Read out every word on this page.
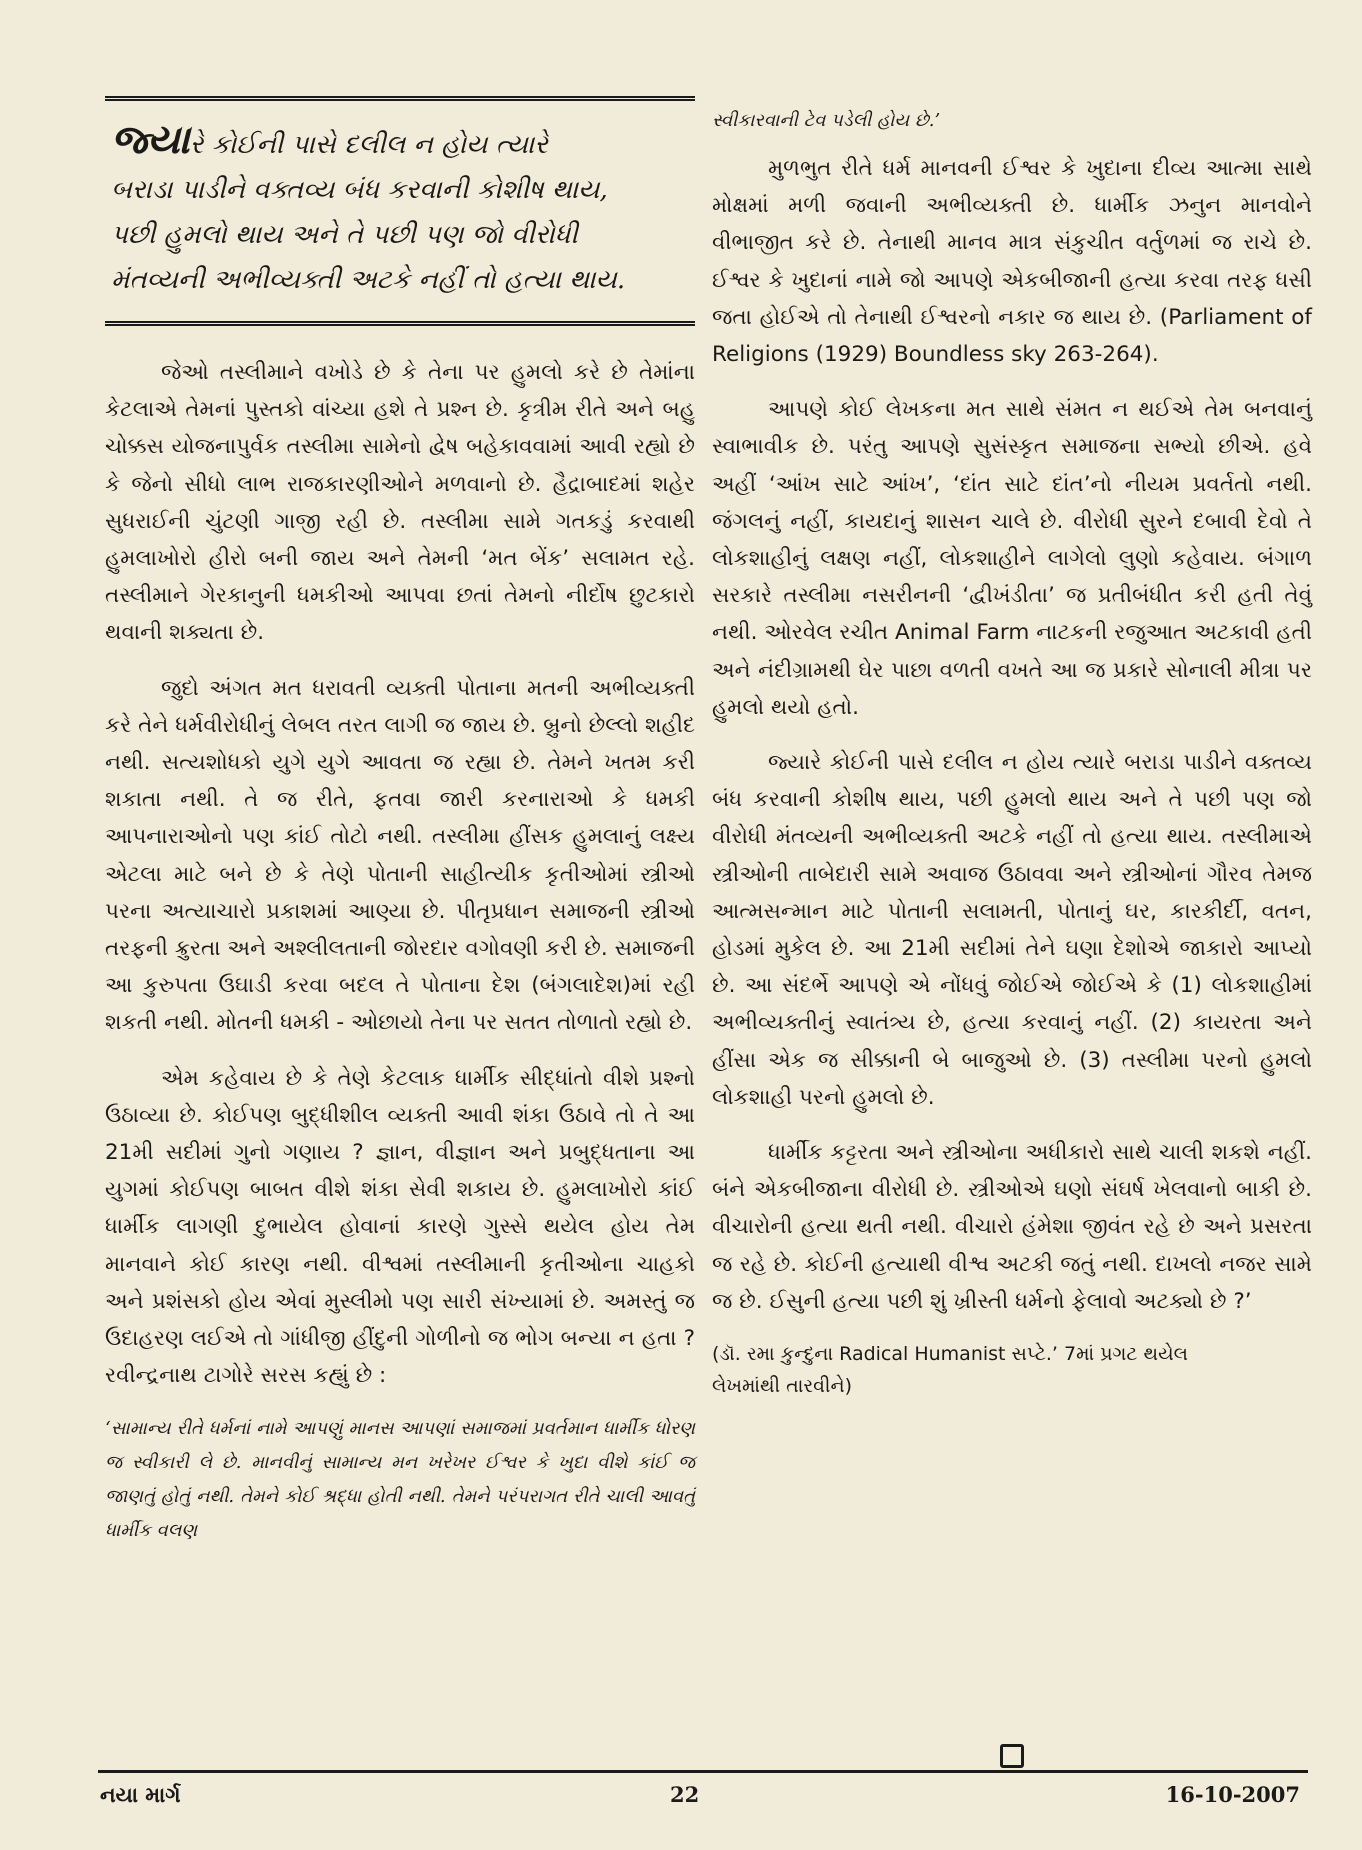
જ્યારે કોઈની પાસે દલીલ ન હોય ત્યારે
બરાડા પાડીને વક્તવ્ય બંધ કરવાની કોશીષ થાય,
પછી હુમલો થાય અને તે પછી પણ જો વીરોધી
મંતવ્યની અભીવ્યક્તી અટકે નહીં તો હત્યા થાય.

જેઓ તસ્લીમાને વખોડે છે કે તેના પર હુમલો કરે છે તેમાંના કેટલાએ તેમનાં પુસ્તકો વાંચ્યા હશે તે પ્રશ્ન છે. કૃત્રીમ રીતે અને બહુ ચોક્કસ યોજનાપુર્વક તસ્લીમા સામેનો દ્વેષ બહેકાવવામાં આવી રહ્યો છે કે જેનો સીધો લાભ રાજકારણીઓને મળવાનો છે. હૈદ્રાબાદમાં શહેર સુધરાઈની ચુંટણી ગાજી રહી છે. તસ્લીમા સામે ગતકડું કરવાથી હુમલાખોરો હીરો બની જાય અને તેમની ‘મત બેંક’ સલામત રહે. તસ્લીમાને ગેરકાનુની ધમકીઓ આપવા છતાં તેમનો નીર્દોષ છુટકારો થવાની શક્યતા છે.

જુદો અંગત મત ધરાવતી વ્યક્તી પોતાના મતની અભીવ્યક્તી કરે તેને ધર્મવીરોધીનું લેબલ તરત લાગી જ જાય છે. બ્રુનો છેલ્લો શહીદ નથી. સત્યશોધકો યુગે યુગે આવતા જ રહ્યા છે. તેમને ખતમ કરી શકાતા નથી. તે જ રીતે, ફતવા જારી કરનારાઓ કે ધમકી આપનારાઓનો પણ કાંઈ તોટો નથી. તસ્લીમા હીંસક હુમલાનું લક્ષ્ય એટલા માટે બને છે કે તેણે પોતાની સાહીત્યીક કૃતીઓમાં સ્ત્રીઓ પરના અત્યાચારો પ્રકાશમાં આણ્યા છે. પીતૃપ્રધાન સમાજની સ્ત્રીઓ તરફની ક્રુરતા અને અશ્લીલતાની જોરદાર વગોવણી કરી છે. સમાજની આ કુરુપતા ઉઘાડી કરવા બદલ તે પોતાના દેશ (બંગલાદેશ)માં રહી શકતી નથી. મોતની ધમકી - ઓછાયો તેના પર સતત તોળાતો રહ્યો છે.

એમ કહેવાય છે કે તેણે કેટલાક ધાર્મીક સીદ્ધાંતો વીશે પ્રશ્નો ઉઠાવ્યા છે. કોઈપણ બુદ્ધીશીલ વ્યક્તી આવી શંકા ઉઠાવે તો તે આ 21મી સદીમાં ગુનો ગણાય ? જ્ઞાન, વીજ્ઞાન અને પ્રબુદ્ધતાના આ યુગમાં કોઈપણ બાબત વીશે શંકા સેવી શકાય છે. હુમલાખોરો કાંઈ ધાર્મીક લાગણી દુભાયેલ હોવાનાં કારણે ગુસ્સે થયેલ હોય તેમ માનવાને કોઈ કારણ નથી. વીશ્વમાં તસ્લીમાની કૃતીઓના ચાહકો અને પ્રશંસકો હોય એવાં મુસ્લીમો પણ સારી સંખ્યામાં છે. અમસ્તું જ ઉદાહરણ લઈએ તો ગાંધીજી હીંદુની ગોળીનો જ ભોગ બન્યા ન હતા ? રવીન્દ્રનાથ ટાગોરે સરસ કહ્યું છે :

‘સામાન્ય રીતે ધર્મનાં નામે આપણું માનસ આપણાં સમાજમાં પ્રવર્તમાન ધાર્મીક ધોરણ જ સ્વીકારી લે છે. માનવીનું સામાન્ય મન ખરેખર ઈશ્વર કે ખુદા વીશે કાંઈ જ જાણતું હોતું નથી. તેમને કોઈ શ્રદ્ધા હોતી નથી. તેમને પરંપરાગત રીતે ચાલી આવતું ધાર્મીક વલણ

સ્વીકારવાની ટેવ પડેલી હોય છે.’

મુળભુત રીતે ધર્મ માનવની ઈશ્વર કે ખુદાના દીવ્ય આત્મા સાથે મોક્ષમાં મળી જવાની અભીવ્યક્તી છે. ધાર્મીક ઝનુન માનવોને વીભાજીત કરે છે. તેનાથી માનવ માત્ર સંકુચીત વર્તુળમાં જ રાચે છે. ઈશ્વર કે ખુદાનાં નામે જો આપણે એકબીજાની હત્યા કરવા તરફ ધસી જતા હોઈએ તો તેનાથી ઈશ્વરનો નકાર જ થાય છે. (Parliament of Religions (1929) Boundless sky 263-264).

આપણે કોઈ લેખકના મત સાથે સંમત ન થઈએ તેમ બનવાનું સ્વાભાવીક છે. પરંતુ આપણે સુસંસ્કૃત સમાજના સભ્યો છીએ. હવે અહીં ‘આંખ સાટે આંખ’, ‘દાંત સાટે દાંત’નો નીયમ પ્રવર્તતો નથી. જંગલનું નહીં, કાયદાનું શાસન ચાલે છે. વીરોધી સુરને દબાવી દેવો તે લોકશાહીનું લક્ષણ નહીં, લોકશાહીને લાગેલો લુણો કહેવાય. બંગાળ સરકારે તસ્લીમા નસરીનની ‘દ્વીખંડીતા’ જ પ્રતીબંધીત કરી હતી તેવું નથી. ઓરવેલ રચીત Animal Farm નાટકની રજુઆત અટકાવી હતી અને નંદીગ્રામથી ઘેર પાછા વળતી વખતે આ જ પ્રકારે સોનાલી મીત્રા પર હુમલો થયો હતો.

જ્યારે કોઈની પાસે દલીલ ન હોય ત્યારે બરાડા પાડીને વક્તવ્ય બંધ કરવાની કોશીષ થાય, પછી હુમલો થાય અને તે પછી પણ જો વીરોધી મંતવ્યની અભીવ્યક્તી અટકે નહીં તો હત્યા થાય. તસ્લીમાએ સ્ત્રીઓની તાબેદારી સામે અવાજ ઉઠાવવા અને સ્ત્રીઓનાં ગૌરવ તેમજ આત્મસન્માન માટે પોતાની સલામતી, પોતાનું ઘર, કારકીર્દી, વતન, હોડમાં મુકેલ છે. આ 21મી સદીમાં તેને ઘણા દેશોએ જાકારો આપ્યો છે. આ સંદર્ભે આપણે એ નોંધવું જોઈએ જોઈએ કે (1) લોકશાહીમાં અભીવ્યક્તીનું સ્વાતંત્ર્ય છે, હત્યા કરવાનું નહીં. (2) કાયરતા અને હીંસા એક જ સીક્કાની બે બાજુઓ છે. (3) તસ્લીમા પરનો હુમલો લોકશાહી પરનો હુમલો છે.

ધાર્મીક કટ્ટરતા અને સ્ત્રીઓના અધીકારો સાથે ચાલી શકશે નહીં. બંને એકબીજાના વીરોધી છે. સ્ત્રીઓએ ઘણો સંઘર્ષ ખેલવાનો બાકી છે. વીચારોની હત્યા થતી નથી. વીચારો હંમેશા જીવંત રહે છે અને પ્રસરતા જ રહે છે. કોઈની હત્યાથી વીશ્વ અટકી જતું નથી. દાખલો નજર સામે જ છે. ઈસુની હત્યા પછી શું ખ્રીસ્તી ધર્મનો ફેલાવો અટક્યો છે ?’

(ડૉ. રમા કુન્દુના Radical Humanist સપ્ટે.’ 7માં પ્રગટ થયેલ

લેખમાંથી તારવીને)

નયા માર્ગ	22	16-10-2007
